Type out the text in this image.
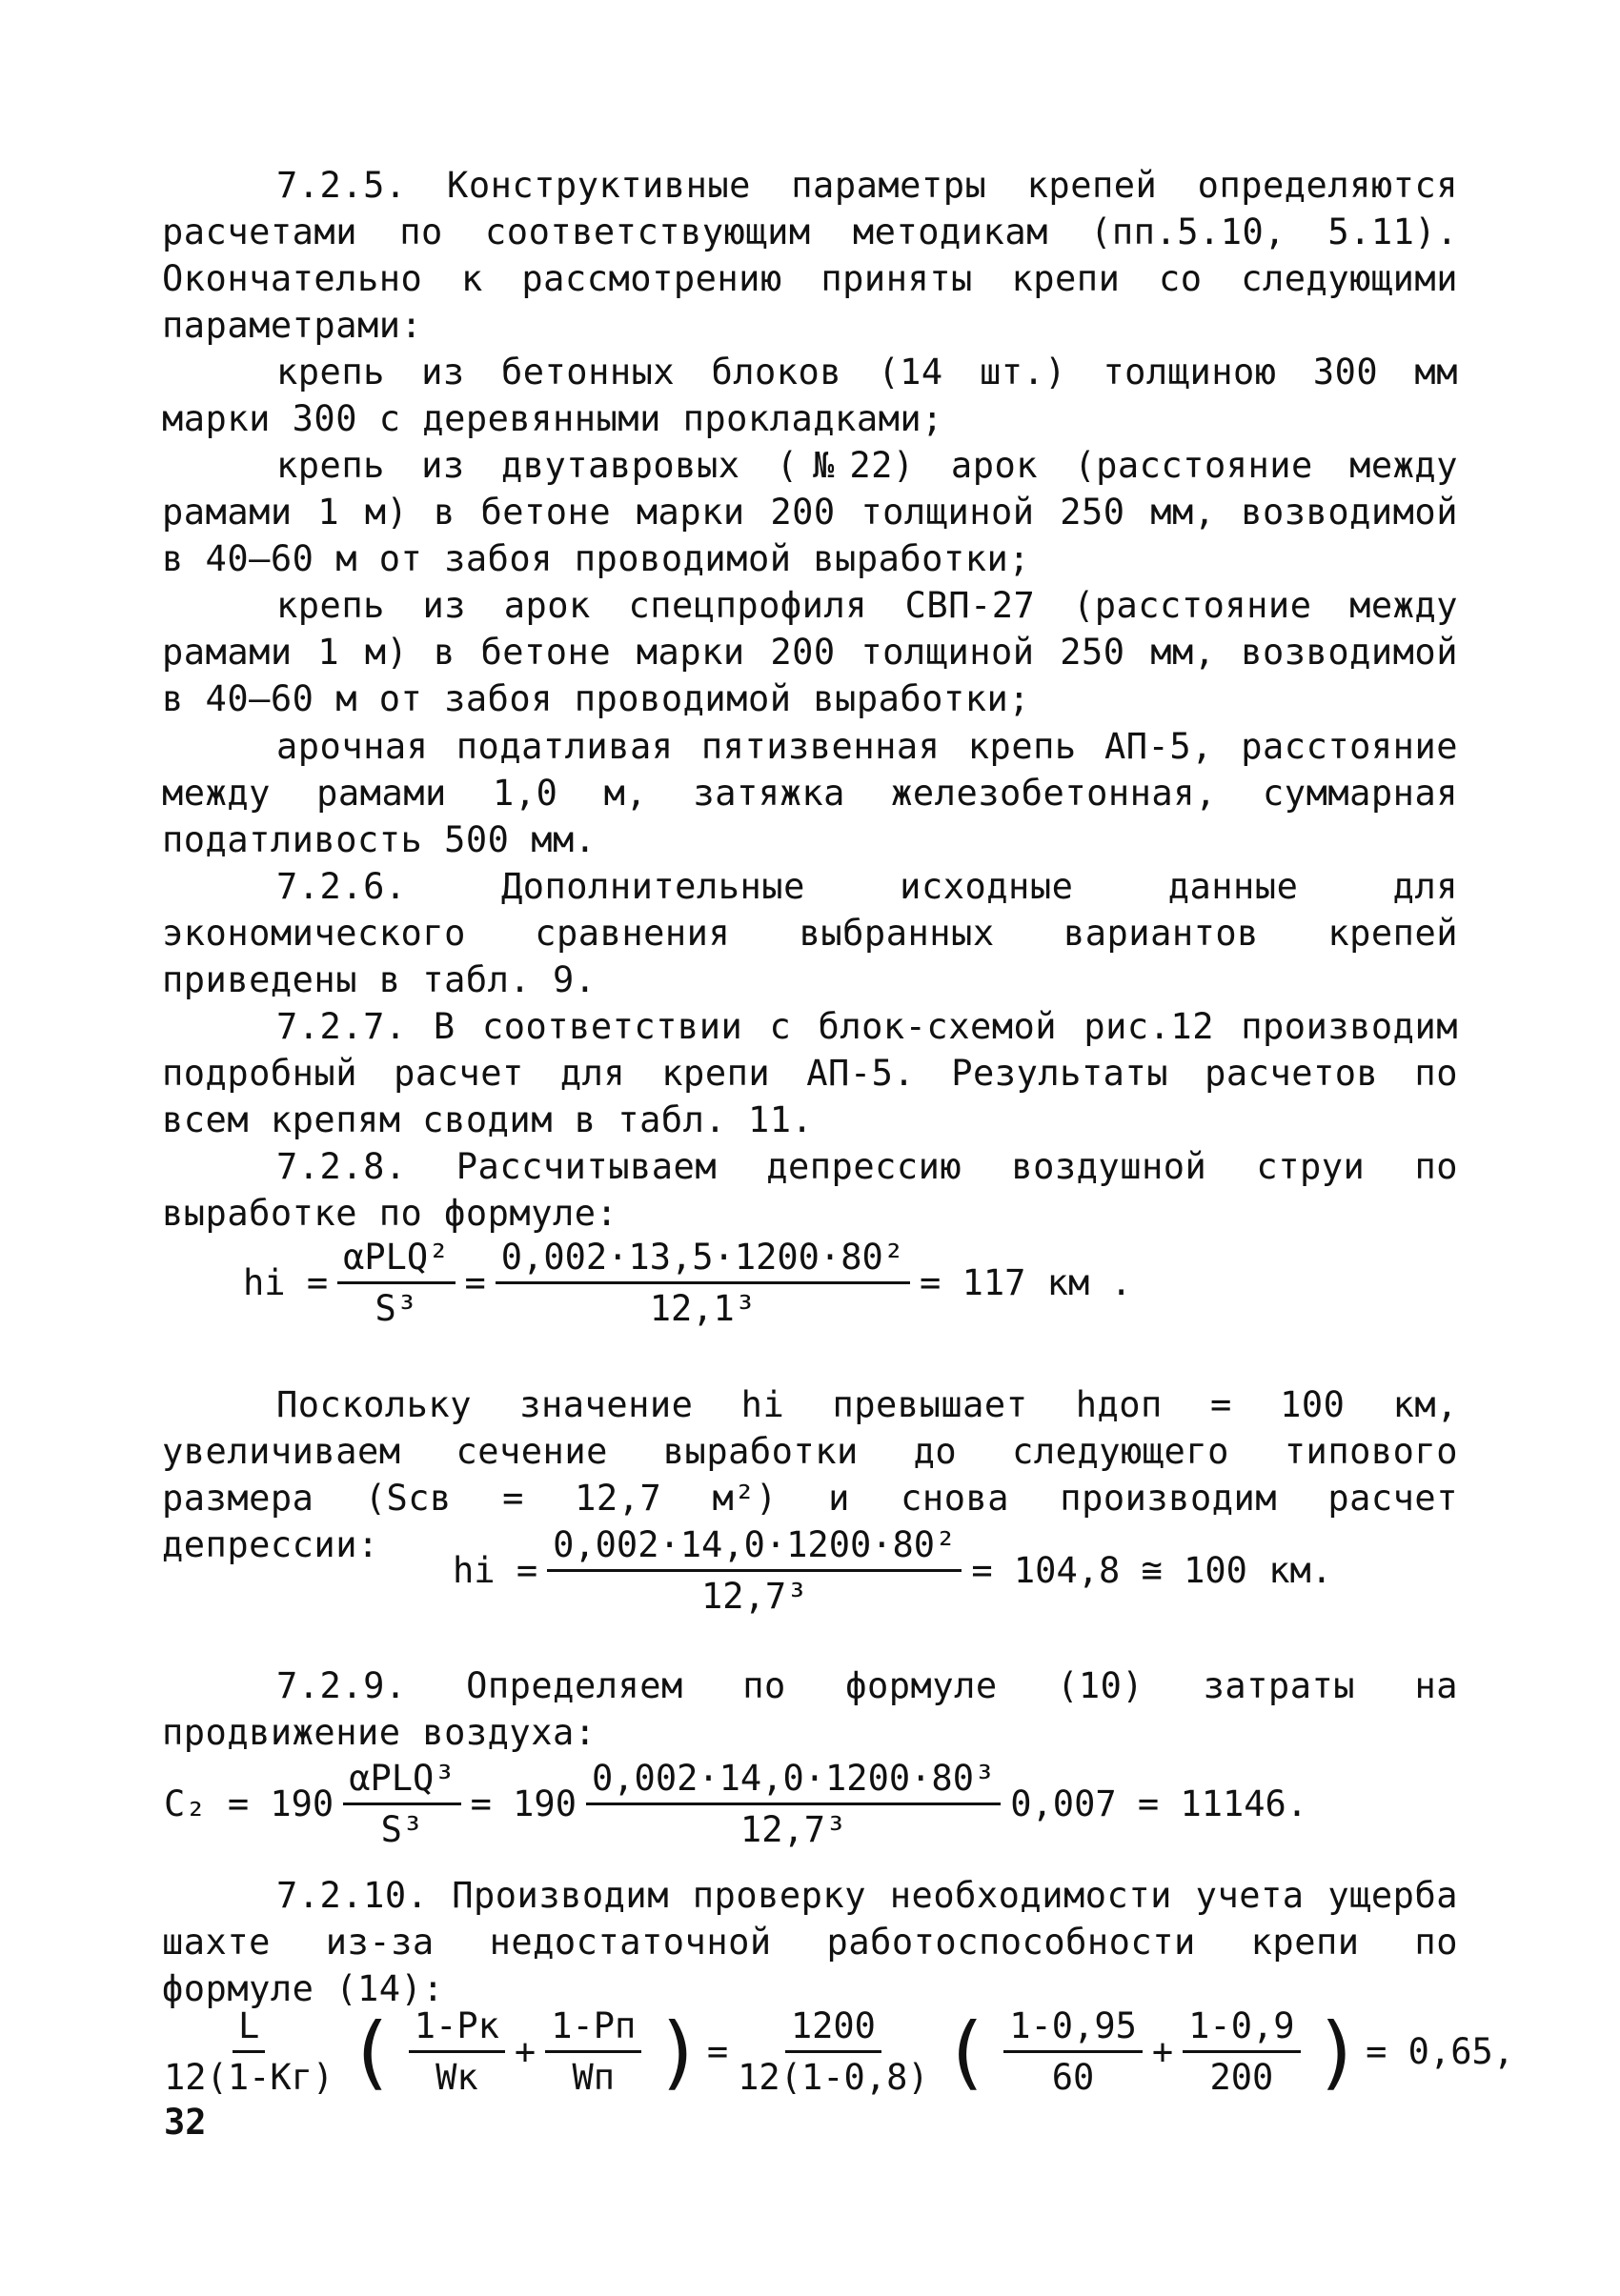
7.2.5. Конструктивные параметры крепей определяются расчетами по соответствующим методикам (пп.5.10, 5.11). Окончательно к рассмотрению приняты крепи со следующими параметрами:

крепь из бетонных блоков (14 шт.) толщиною 300 мм марки 300 с деревянными прокладками;

крепь из двутавровых (№22) арок (расстояние между рамами 1 м) в бетоне марки 200 толщиной 250 мм, возводимой в 40–60 м от забоя проводимой выработки;

крепь из арок спецпрофиля СВП-27 (расстояние между рамами 1 м) в бетоне марки 200 толщиной 250 мм, возводимой в 40–60 м от забоя проводимой выработки;

арочная податливая пятизвенная крепь АП-5, расстояние между рамами 1,0 м, затяжка железобетонная, суммарная податливость 500 мм.

7.2.6. Дополнительные исходные данные для экономического сравнения выбранных вариантов крепей приведены в табл. 9.

7.2.7. В соответствии с блок-схемой рис.12 производим подробный расчет для крепи АП-5. Результаты расчетов по всем крепям сводим в табл. 11.

7.2.8. Рассчитываем депрессию воздушной струи по выработке по формуле:

hi = $\frac{\text{αPLQ²}}{\text{S³}} = \frac{\text{0,002·13,5·1200·80²}}{\text{12,1³}} = 117$ км .

Поскольку значение hi превышает hдоп = 100 км, увеличиваем сечение выработки до следующего типового размера (Sсв = 12,7 м²) и снова производим расчет депрессии:

hi = $\frac{\text{0,002·14,0·1200·80²}}{\text{12,7³}} = 104,8$ ≅ 100 км.

7.2.9. Определяем по формуле (10) затраты на продвижение воздуха:

$C_2 = 190 \frac{\text{αPLQ³}}{\text{S³}} = 190 \frac{\text{0,002·14,0·1200·80³}}{\text{12,7³}} 0,007 = 11146$.

7.2.10. Производим проверку необходимости учета ущерба шахте из-за недостаточной работоспособности крепи по формуле (14):

$\frac{L}{12(1-Кг)}$ ( $\frac{1-Рк}{Wк} + \frac{1-Рп}{Wп}$ ) = $\frac{1200}{12(1-0,8)}$ ( $\frac{1-0,95}{60} + \frac{1-0,9}{200}$ ) = 0,65,
32
